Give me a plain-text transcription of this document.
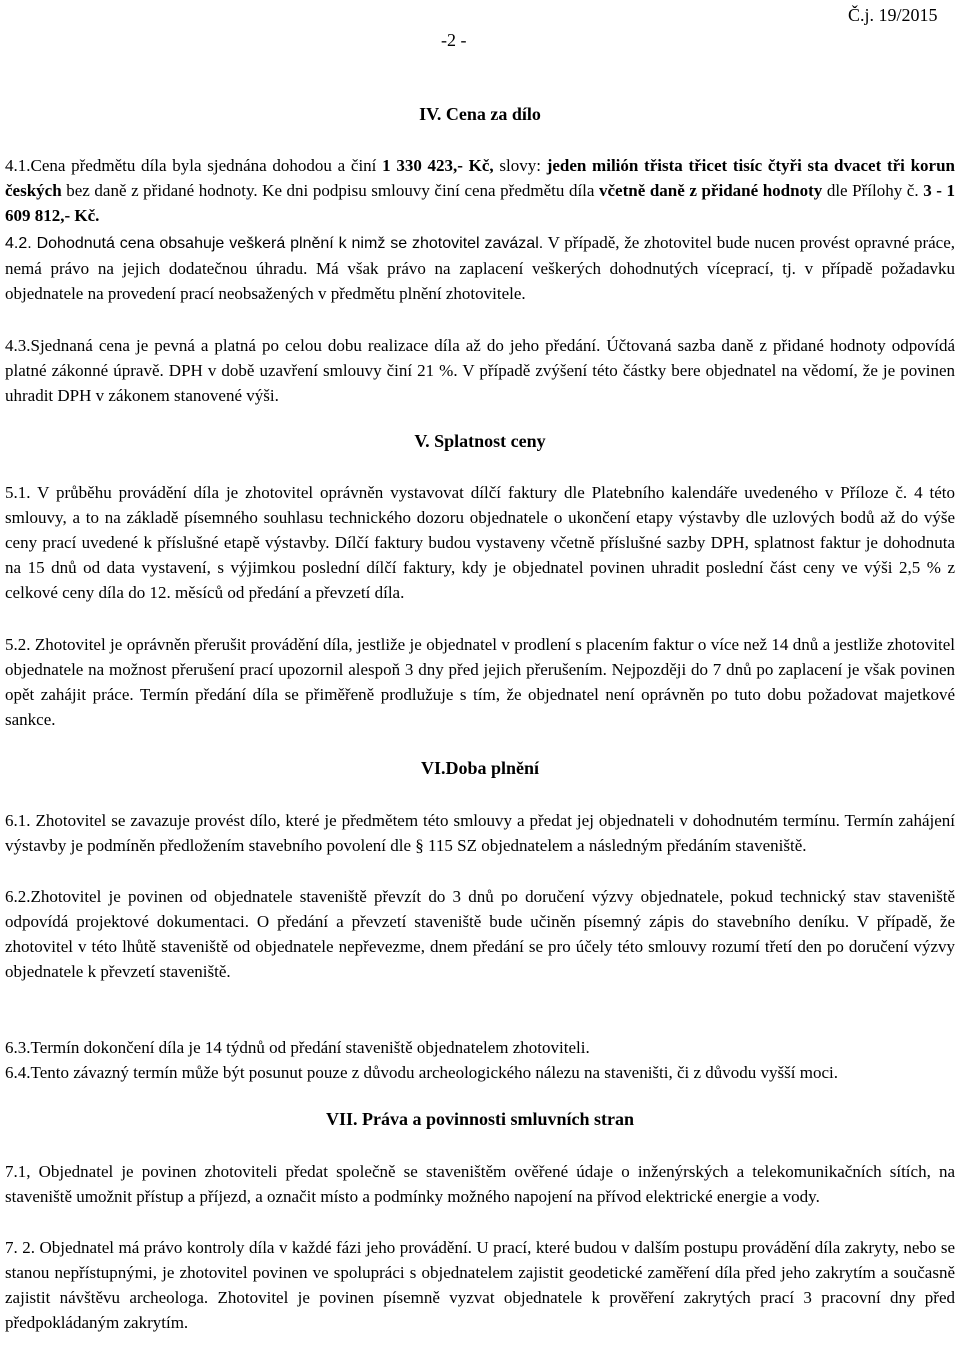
Č.j. 19/2015
-2 -
IV. Cena za dílo
4.1.Cena předmětu díla byla sjednána dohodou a činí 1 330 423,- Kč, slovy: jeden milión třista třicet tisíc čtyři sta dvacet tři korun českých bez daně z přidané hodnoty. Ke dni podpisu smlouvy činí cena předmětu díla včetně daně z přidané hodnoty dle Přílohy č. 3 - 1 609 812,- Kč.
4.2. Dohodnutá cena obsahuje veškerá plnění k nimž se zhotovitel zavázal. V případě, že zhotovitel bude nucen provést opravné práce, nemá právo na jejich dodatečnou úhradu. Má však právo na zaplacení veškerých dohodnutých víceprací, tj. v případě požadavku objednatele na provedení prací neobsažených v předmětu plnění zhotovitele.
4.3.Sjednaná cena je pevná a platná po celou dobu realizace díla až do jeho předání. Účtovaná sazba daně z přidané hodnoty odpovídá platné zákonné úpravě. DPH v době uzavření smlouvy činí 21 %. V případě zvýšení této částky bere objednatel na vědomí, že je povinen uhradit DPH v zákonem stanovené výši.
V. Splatnost ceny
5.1. V průběhu provádění díla je zhotovitel oprávněn vystavovat dílčí faktury dle Platebního kalendáře uvedeného v Příloze č. 4 této smlouvy, a to na základě písemného souhlasu technického dozoru objednatele o ukončení etapy výstavby dle uzlových bodů až do výše ceny prací uvedené k příslušné etapě výstavby. Dílčí faktury budou vystaveny včetně příslušné sazby DPH, splatnost faktur je dohodnuta na 15 dnů od data vystavení, s výjimkou poslední dílčí faktury, kdy je objednatel povinen uhradit poslední část ceny ve výši 2,5 % z celkové ceny díla do 12. měsíců od předání a převzetí díla.
5.2. Zhotovitel je oprávněn přerušit provádění díla, jestliže je objednatel v prodlení s placením faktur o více než 14 dnů a jestliže zhotovitel objednatele na možnost přerušení prací upozornil alespoň 3 dny před jejich přerušením. Nejpozději do 7 dnů po zaplacení je však povinen opět zahájit práce. Termín předání díla se přiměřeně prodlužuje s tím, že objednatel není oprávněn po tuto dobu požadovat majetkové sankce.
VI.Doba plnění
6.1. Zhotovitel se zavazuje provést dílo, které je předmětem této smlouvy a předat jej objednateli v dohodnutém termínu. Termín zahájení výstavby je podmíněn předložením stavebního povolení dle § 115 SZ objednatelem a následným předáním staveniště.
6.2.Zhotovitel je povinen od objednatele staveniště převzít do 3 dnů po doručení výzvy objednatele, pokud technický stav staveniště odpovídá projektové dokumentaci. O předání a převzetí staveniště bude učiněn písemný zápis do stavebního deníku. V případě, že zhotovitel v této lhůtě staveniště od objednatele nepřevezme, dnem předání se pro účely této smlouvy rozumí třetí den po doručení výzvy objednatele k převzetí staveniště.
6.3.Termín dokončení díla je 14 týdnů od předání staveniště objednatelem zhotoviteli.
6.4.Tento závazný termín může být posunut pouze z důvodu archeologického nálezu na staveništi, či z důvodu vyšší moci.
VII. Práva a povinnosti smluvních stran
7.1, Objednatel je povinen zhotoviteli předat společně se staveništěm ověřené údaje o inženýrských a telekomunikačních sítích, na staveniště umožnit přístup a příjezd, a označit místo a podmínky možného napojení na přívod elektrické energie a vody.
7. 2. Objednatel má právo kontroly díla v každé fázi jeho provádění. U prací, které budou v dalším postupu provádění díla zakryty, nebo se stanou nepřístupnými, je zhotovitel povinen ve spolupráci s objednatelem zajistit geodetické zaměření díla před jeho zakrytím a současně zajistit návštěvu archeologa. Zhotovitel je povinen písemně vyzvat objednatele k prověření zakrytých prací 3 pracovní dny před předpokládaným zakrytím.
